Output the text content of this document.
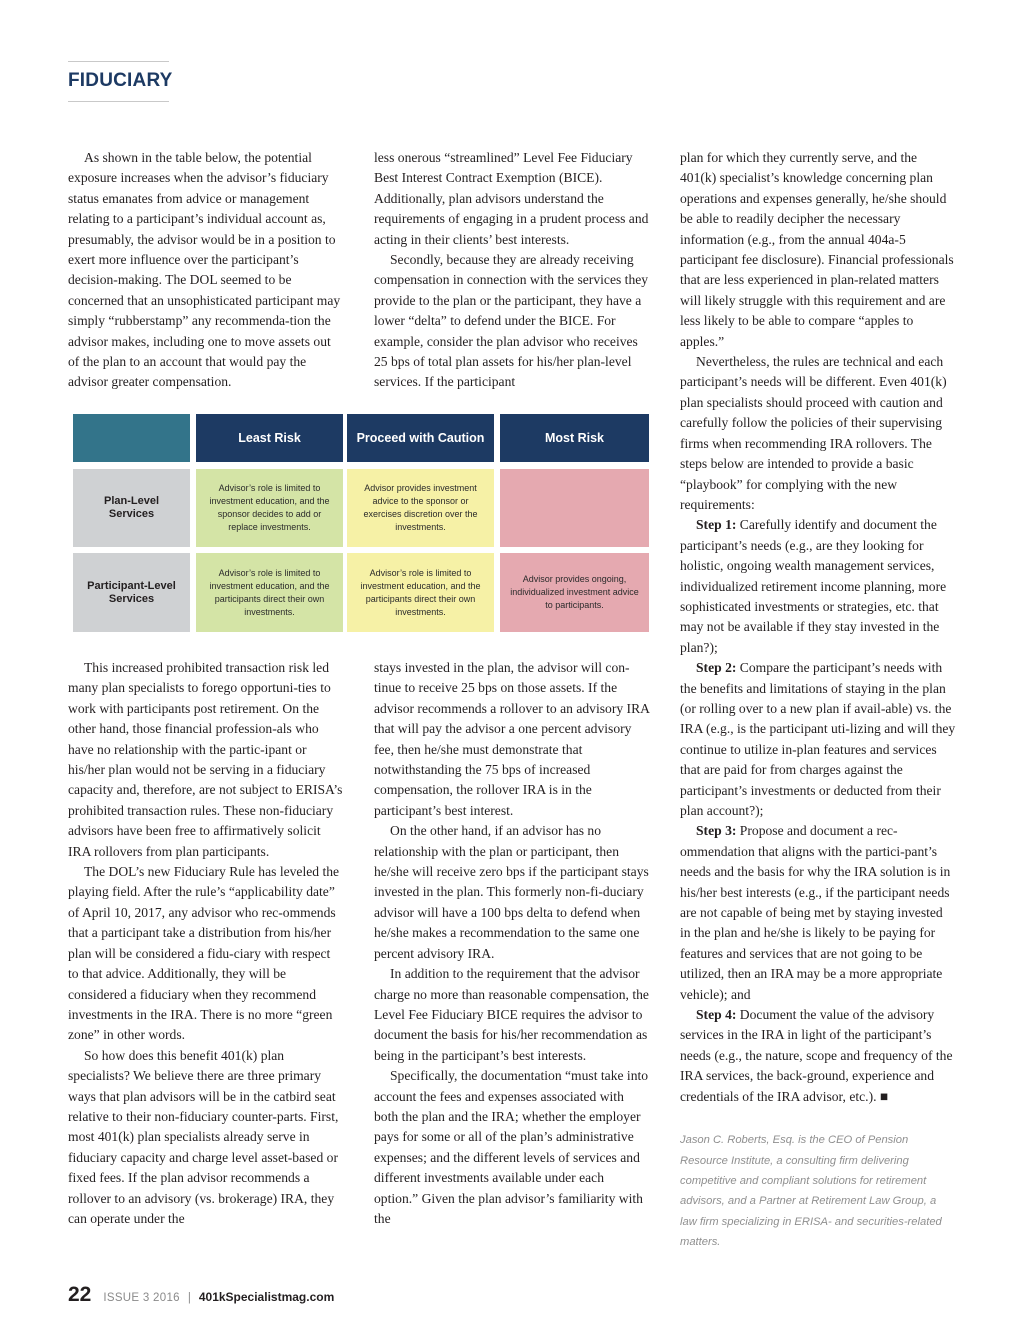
FIDUCIARY

As shown in the table below, the potential exposure increases when the advisor’s fiduciary status emanates from advice or management relating to a participant’s individual account as, presumably, the advisor would be in a position to exert more influence over the participant’s decision-making. The DOL seemed to be concerned that an unsophisticated participant may simply “rubberstamp” any recommenda-tion the advisor makes, including one to move assets out of the plan to an account that would pay the advisor greater compensation.

less onerous “streamlined” Level Fee Fiduciary Best Interest Contract Exemption (BICE). Additionally, plan advisors understand the requirements of engaging in a prudent process and acting in their clients’ best interests.

Secondly, because they are already receiving compensation in connection with the services they provide to the plan or the participant, they have a lower “delta” to defend under the BICE. For example, consider the plan advisor who receives 25 bps of total plan assets for his/her plan-level services. If the participant

plan for which they currently serve, and the 401(k) specialist’s knowledge concerning plan operations and expenses generally, he/she should be able to readily decipher the necessary information (e.g., from the annual 404a-5 participant fee disclosure). Financial professionals that are less experienced in plan-related matters will likely struggle with this requirement and are less likely to be able to compare “apples to apples.”

Nevertheless, the rules are technical and each participant’s needs will be different. Even 401(k) plan specialists should proceed with caution and carefully follow the policies of their supervising firms when recommending IRA rollovers. The steps below are intended to provide a basic “playbook” for complying with the new requirements:

Step 1: Carefully identify and document the participant’s needs (e.g., are they looking for holistic, ongoing wealth management services, individualized retirement income planning, more sophisticated investments or strategies, etc. that may not be available if they stay invested in the plan?);

Step 2: Compare the participant’s needs with the benefits and limitations of staying in the plan (or rolling over to a new plan if avail-able) vs. the IRA (e.g., is the participant uti-lizing and will they continue to utilize in-plan features and services that are paid for from charges against the participant’s investments or deducted from their plan account?);

Step 3: Propose and document a rec-ommendation that aligns with the partici-pant’s needs and the basis for why the IRA solution is in his/her best interests (e.g., if the participant needs are not capable of being met by staying invested in the plan and he/she is likely to be paying for features and services that are not going to be utilized, then an IRA may be a more appropriate vehicle); and

Step 4: Document the value of the advisory services in the IRA in light of the participant’s needs (e.g., the nature, scope and frequency of the IRA services, the back-ground, experience and credentials of the IRA advisor, etc.). ■

Jason C. Roberts, Esq. is the CEO of Pension Resource Institute, a consulting firm delivering competitive and compliant solutions for retirement advisors, and a Partner at Retirement Law Group, a law firm specializing in ERISA- and securities-related matters.

Least Risk	Proceed with Caution	Most Risk
Plan-Level
Services
Advisor’s role is limited to investment education, and the sponsor decides to add or replace investments.
Advisor provides investment advice to the sponsor or exercises discretion over the investments.
Participant-Level
Services
Advisor’s role is limited to investment education, and the participants direct their own investments.
Advisor’s role is limited to investment education, and the participants direct their own investments.
Advisor provides ongoing, individualized investment advice to participants.

This increased prohibited transaction risk led many plan specialists to forego opportuni-ties to work with participants post retirement. On the other hand, those financial profession-als who have no relationship with the partic-ipant or his/her plan would not be serving in a fiduciary capacity and, therefore, are not subject to ERISA’s prohibited transaction rules. These non-fiduciary advisors have been free to affirmatively solicit IRA rollovers from plan participants.

The DOL’s new Fiduciary Rule has leveled the playing field. After the rule’s “applicability date” of April 10, 2017, any advisor who rec-ommends that a participant take a distribution from his/her plan will be considered a fidu-ciary with respect to that advice. Additionally, they will be considered a fiduciary when they recommend investments in the IRA. There is no more “green zone” in other words.

So how does this benefit 401(k) plan specialists? We believe there are three primary ways that plan advisors will be in the catbird seat relative to their non-fiduciary counter-parts. First, most 401(k) plan specialists already serve in fiduciary capacity and charge level asset-based or fixed fees. If the plan advisor recommends a rollover to an advisory (vs. brokerage) IRA, they can operate under the

stays invested in the plan, the advisor will con-tinue to receive 25 bps on those assets. If the advisor recommends a rollover to an advisory IRA that will pay the advisor a one percent advisory fee, then he/she must demonstrate that notwithstanding the 75 bps of increased compensation, the rollover IRA is in the participant’s best interest.

On the other hand, if an advisor has no relationship with the plan or participant, then he/she will receive zero bps if the participant stays invested in the plan. This formerly non-fi-duciary advisor will have a 100 bps delta to defend when he/she makes a recommendation to the same one percent advisory IRA.

In addition to the requirement that the advisor charge no more than reasonable compensation, the Level Fee Fiduciary BICE requires the advisor to document the basis for his/her recommendation as being in the participant’s best interests.

Specifically, the documentation “must take into account the fees and expenses associated with both the plan and the IRA; whether the employer pays for some or all of the plan’s administrative expenses; and the different levels of services and different investments available under each option.” Given the plan advisor’s familiarity with the

22 ISSUE 3 2016 | 401kSpecialistmag.com
